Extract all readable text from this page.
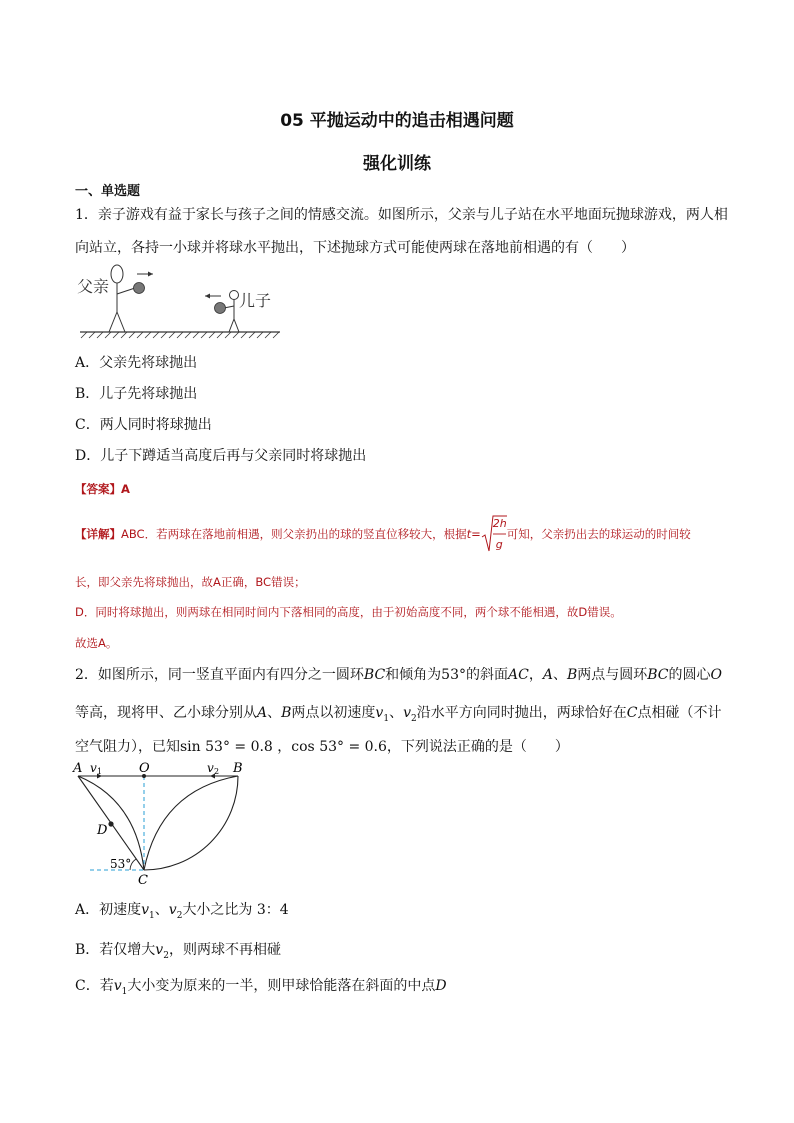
05 平抛运动中的追击相遇问题
强化训练
一、单选题
1．亲子游戏有益于家长与孩子之间的情感交流。如图所示，父亲与儿子站在水平地面玩抛球游戏，两人相
向站立，各持一小球并将球水平抛出，下述抛球方式可能使两球在落地前相遇的有（　　）
父亲
儿子
A．父亲先将球抛出
B．儿子先将球抛出
C．两人同时将球抛出
D．儿子下蹲适当高度后再与父亲同时将球抛出
【答案】A
【详解】ABC．若两球在落地前相遇，则父亲扔出的球的竖直位移较大，根据t=
2h
g
可知，父亲扔出去的球运动的时间较
长，即父亲先将球抛出，故A正确，BC错误；
D．同时将球抛出，则两球在相同时间内下落相同的高度，由于初始高度不同，两个球不能相遇，故D错误。
故选A。
2．如图所示，同一竖直平面内有四分之一圆环BC和倾角为53°的斜面AC，A、B两点与圆环BC的圆心O
等高，现将甲、乙小球分别从A、B两点以初速度$v_1$、$v_2$沿水平方向同时抛出，两球恰好在C点相碰（不计
空气阻力），已知sin 53° = 0.8 ，cos 53° = 0.6，下列说法正确的是（　　）
A v 1	O	v 2 B
D
53°
C
A．初速度$v_1$、$v_2$大小之比为 3：4
B．若仅增大$v_2$，则两球不再相碰
C．若$v_1$大小变为原来的一半，则甲球恰能落在斜面的中点D
